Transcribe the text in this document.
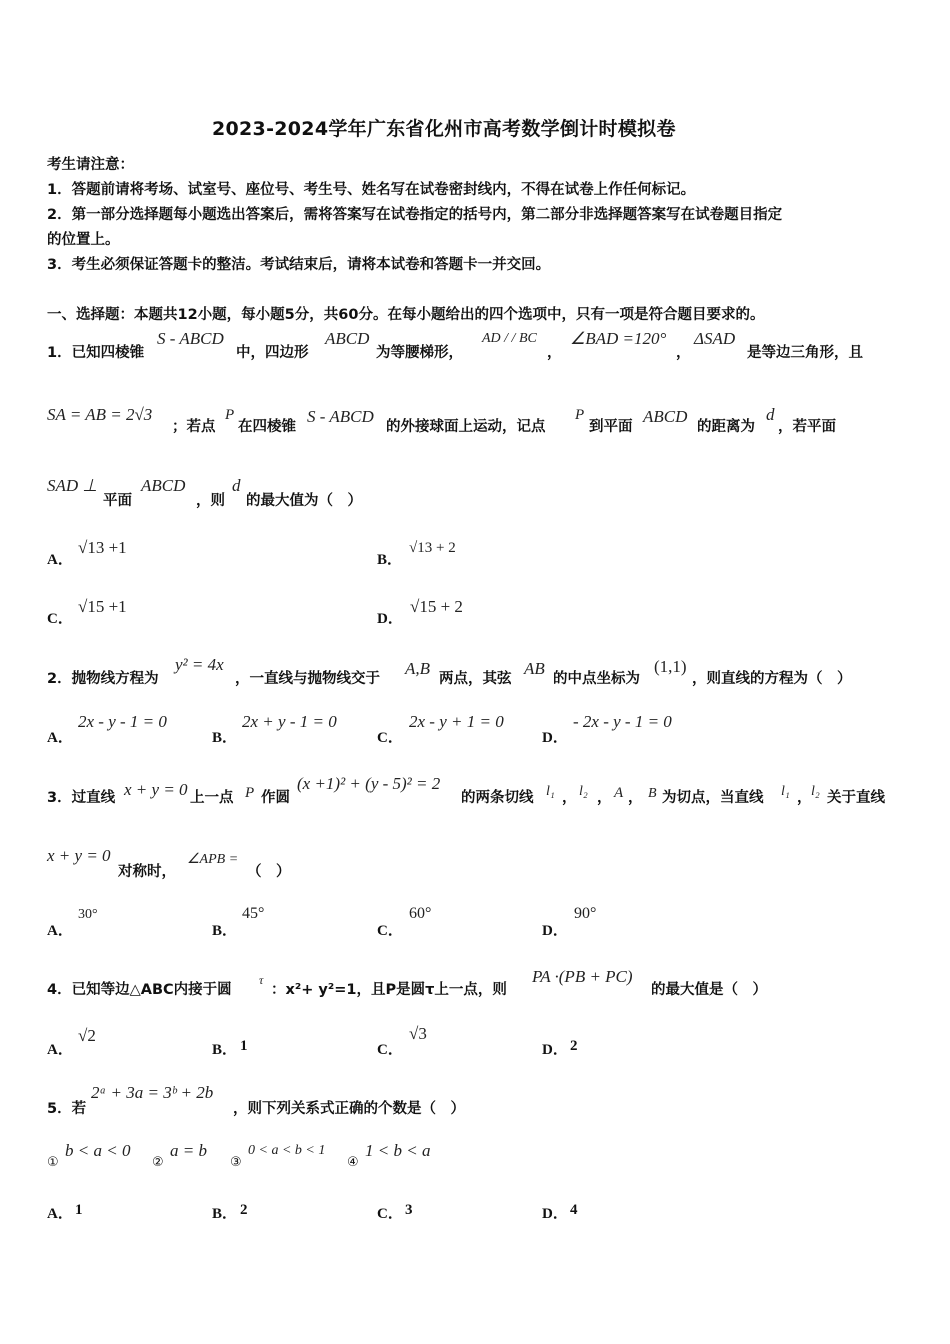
2023-2024学年广东省化州市高考数学倒计时模拟卷
考生请注意：
1．答题前请将考场、试室号、座位号、考生号、姓名写在试卷密封线内，不得在试卷上作任何标记。
2．第一部分选择题每小题选出答案后，需将答案写在试卷指定的括号内，第二部分非选择题答案写在试卷题目指定
的位置上。
3．考生必须保证答题卡的整洁。考试结束后，请将本试卷和答题卡一并交回。
一、选择题：本题共12小题，每小题5分，共60分。在每小题给出的四个选项中，只有一项是符合题目要求的。
1．已知四棱锥
S - ABCD
中，四边形
ABCD
为等腰梯形，
AD / / BC
，
∠BAD =120°
，
ΔSAD
是等边三角形，且
SA = AB = 2√3
；若点
P
在四棱锥
S - ABCD
的外接球面上运动，记点
P
到平面
ABCD
的距离为
d
，若平面
SAD ⊥
平面
ABCD
，则
d
的最大值为（　）
A．
√13 +1
B．
√13 + 2
C．
√15 +1
D．
√15 + 2
2．抛物线方程为
y² = 4x
，一直线与抛物线交于
A,B
两点，其弦
AB
的中点坐标为
(1,1)
，则直线的方程为（　）
A．
2x - y - 1 = 0
B．
2x + y - 1 = 0
C．
2x - y + 1 = 0
D．
- 2x - y - 1 = 0
3．过直线 x + y = 0 上一点 P 作圆
(x +1)² + (y - 5)² = 2
的两条切线 l₁ ， l₂ ， A ， B 为切点，当直线 l₁ ， l₂ 关于直线
x + y = 0
对称时，
∠APB =
（　）
A．
30°
B．
45°
C．
60°
D．
90°
4．已知等边△ABC内接于圆
τ
：x²+ y²=1，且P是圆τ上一点，则
PA ·(PB + PC)
的最大值是（　）
A．
√2
B． 1	C．
√3
D． 2
5．若
2ᵃ + 3a = 3ᵇ + 2b
，则下列关系式正确的个数是（　）
①
b < a < 0
②
a = b
③
0 < a < b < 1
④
1 < b < a
A． 1	B． 2	C． 3	D． 4
